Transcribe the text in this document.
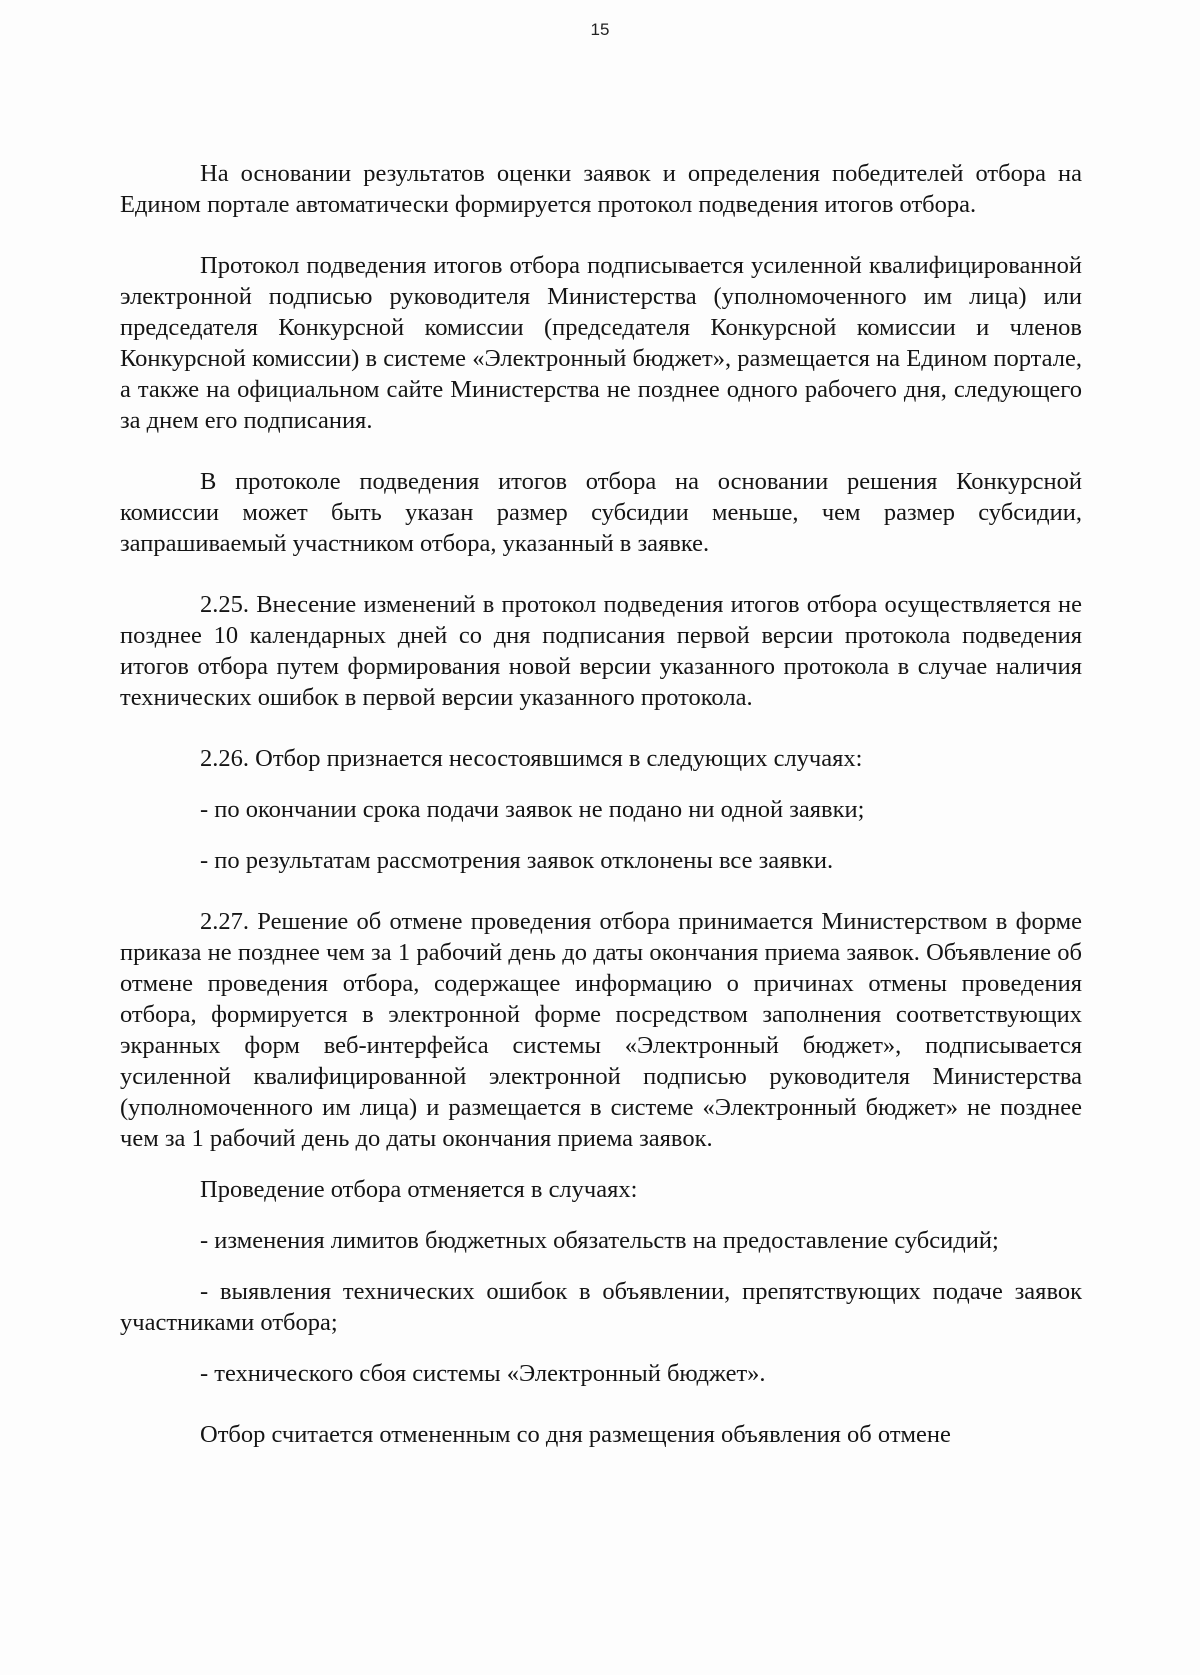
15

На основании результатов оценки заявок и определения победителей отбора на Едином портале автоматически формируется протокол подведения итогов отбора.

Протокол подведения итогов отбора подписывается усиленной квалифицированной электронной подписью руководителя Министерства (уполномоченного им лица) или председателя Конкурсной комиссии (председателя Конкурсной комиссии и членов Конкурсной комиссии) в системе «Электронный бюджет», размещается на Едином портале, а также на официальном сайте Министерства не позднее одного рабочего дня, следующего за днем его подписания.

В протоколе подведения итогов отбора на основании решения Конкурсной комиссии может быть указан размер субсидии меньше, чем размер субсидии, запрашиваемый участником отбора, указанный в заявке.

2.25. Внесение изменений в протокол подведения итогов отбора осуществляется не позднее 10 календарных дней со дня подписания первой версии протокола подведения итогов отбора путем формирования новой версии указанного протокола в случае наличия технических ошибок в первой версии указанного протокола.

2.26. Отбор признается несостоявшимся в следующих случаях:

- по окончании срока подачи заявок не подано ни одной заявки;

- по результатам рассмотрения заявок отклонены все заявки.

2.27. Решение об отмене проведения отбора принимается Министерством в форме приказа не позднее чем за 1 рабочий день до даты окончания приема заявок. Объявление об отмене проведения отбора, содержащее информацию о причинах отмены проведения отбора, формируется в электронной форме посредством заполнения соответствующих экранных форм веб-интерфейса системы «Электронный бюджет», подписывается усиленной квалифицированной электронной подписью руководителя Министерства (уполномоченного им лица) и размещается в системе «Электронный бюджет» не позднее чем за 1 рабочий день до даты окончания приема заявок.

Проведение отбора отменяется в случаях:

- изменения лимитов бюджетных обязательств на предоставление субсидий;

- выявления технических ошибок в объявлении, препятствующих подаче заявок участниками отбора;

- технического сбоя системы «Электронный бюджет».

Отбор считается отмененным со дня размещения объявления об отмене
